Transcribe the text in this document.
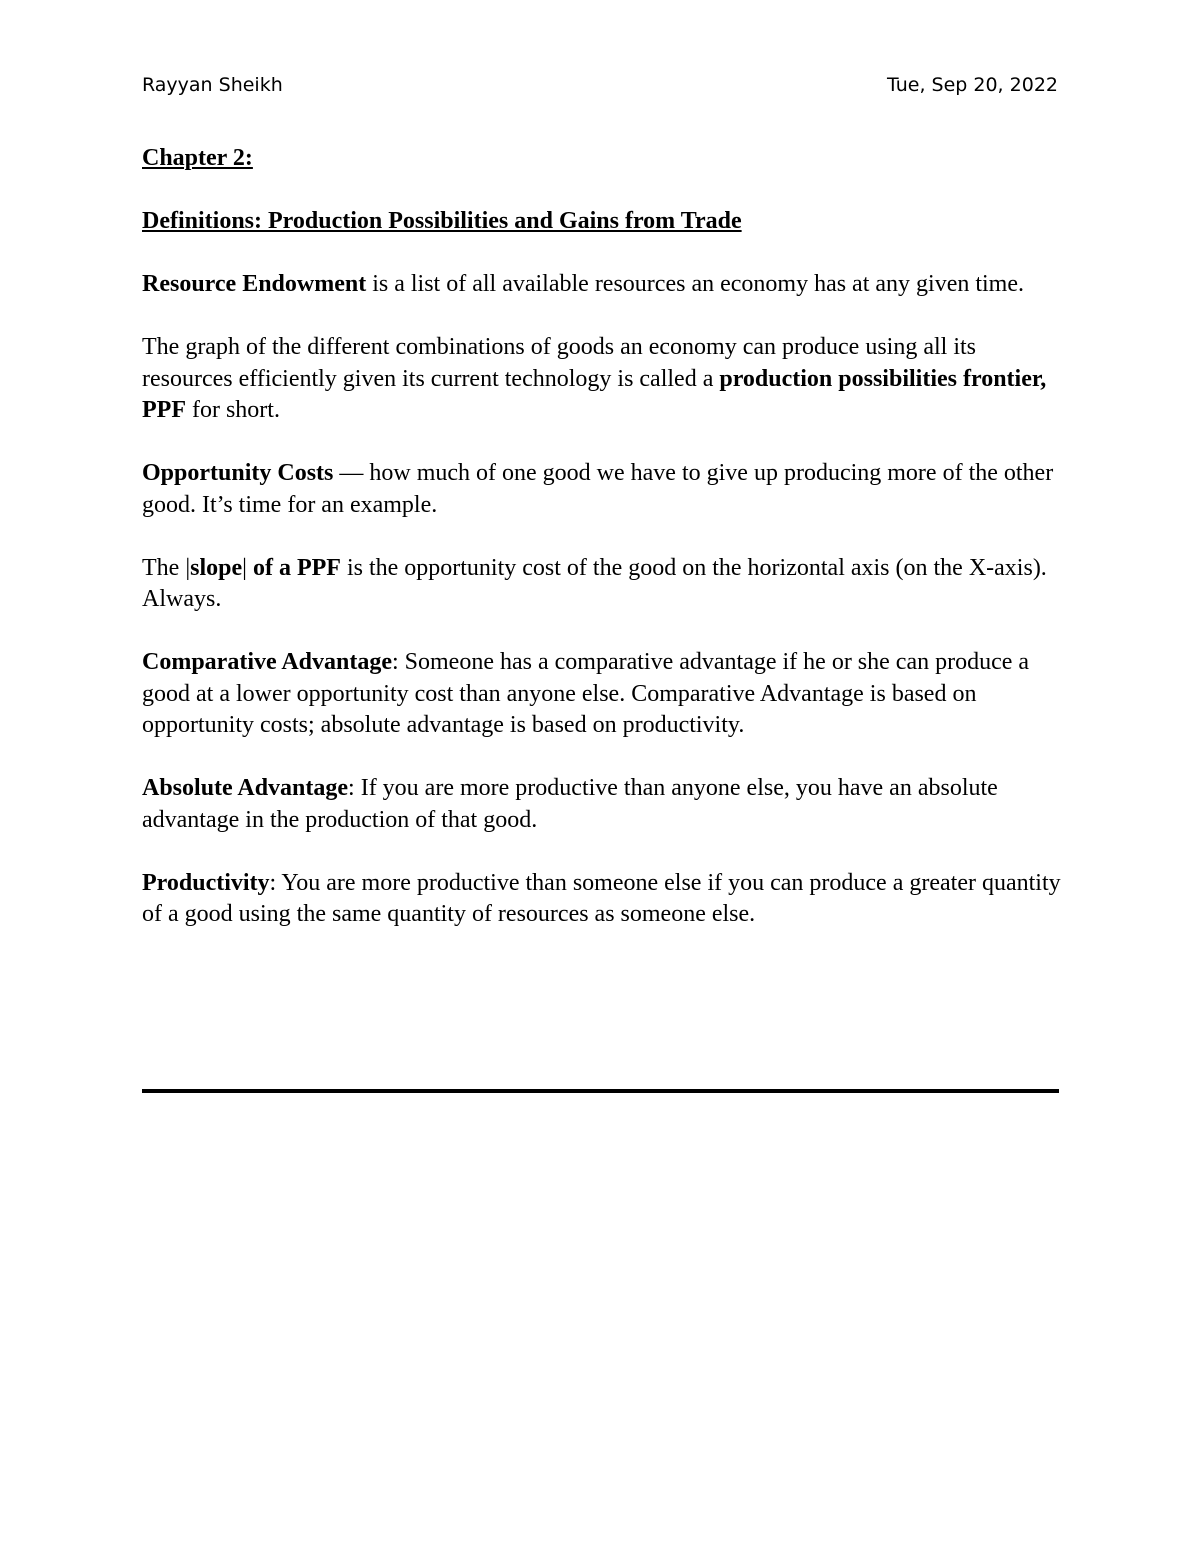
Rayyan Sheikh	Tue, Sep 20, 2022

Chapter 2:

Definitions: Production Possibilities and Gains from Trade

Resource Endowment is a list of all available resources an economy has at any given time.

The graph of the different combinations of goods an economy can produce using all its resources efficiently given its current technology is called a production possibilities frontier, PPF for short.

Opportunity Costs — how much of one good we have to give up producing more of the other good. It’s time for an example.

The |slope| of a PPF is the opportunity cost of the good on the horizontal axis (on the X-axis). Always.

Comparative Advantage: Someone has a comparative advantage if he or she can produce a good at a lower opportunity cost than anyone else. Comparative Advantage is based on opportunity costs; absolute advantage is based on productivity.

Absolute Advantage: If you are more productive than anyone else, you have an absolute advantage in the production of that good.

Productivity: You are more productive than someone else if you can produce a greater quantity of a good using the same quantity of resources as someone else.
